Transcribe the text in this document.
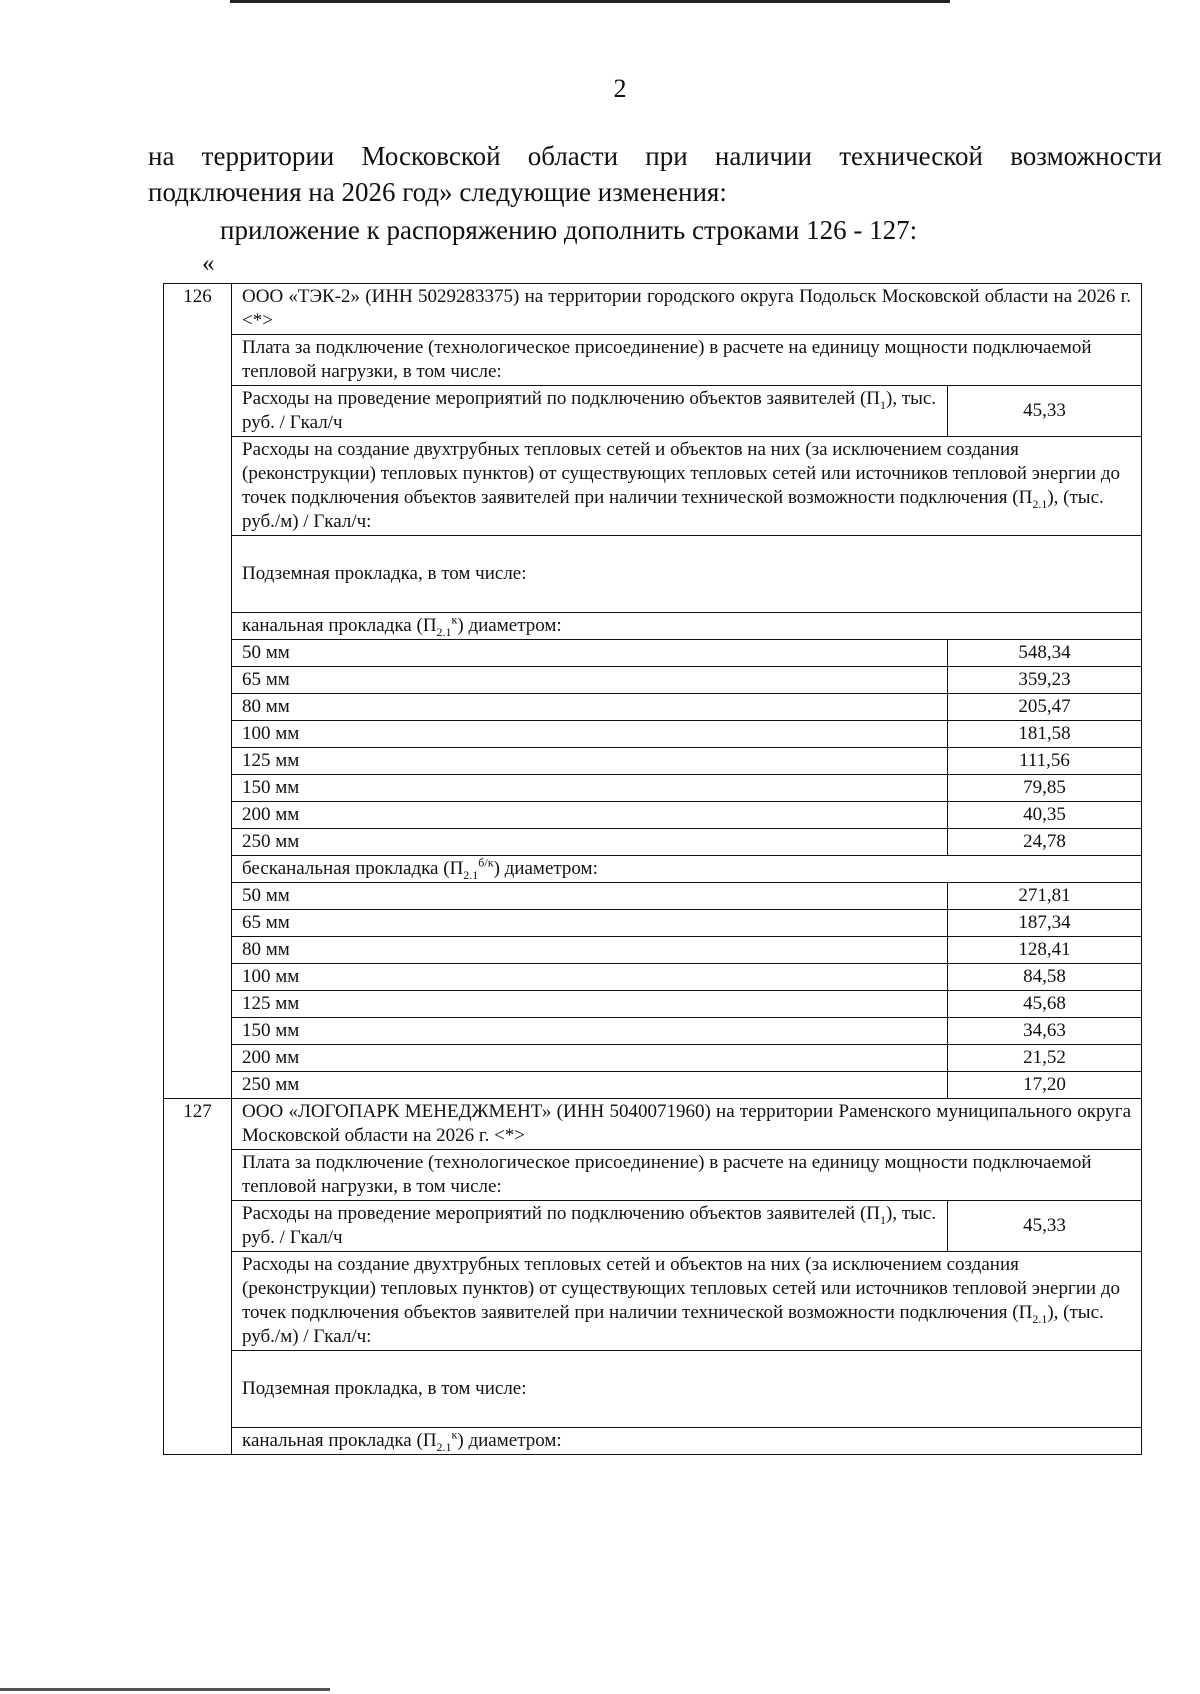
2

на территории Московской области при наличии технической возможности

подключения на 2026 год» следующие изменения:

приложение к распоряжению дополнить строками 126 - 127:

«
126	ООО «ТЭК-2» (ИНН 5029283375) на территории городского округа Подольск Московской области на 2026 г. <*>	
	Плата за подключение (технологическое присоединение) в расчете на единицу мощности подключаемой тепловой нагрузки, в том числе:	
	Расходы на проведение мероприятий по подключению объектов заявителей $(П_1)$, тыс. руб. / Гкал/ч	45,33
	Расходы на создание двухтрубных тепловых сетей и объектов на них (за исключением создания (реконструкции) тепловых пунктов) от существующих тепловых сетей или источников тепловой энергии до точек подключения объектов заявителей при наличии технической возможности подключения $(П_{2.1})$, (тыс. руб./м) / Гкал/ч:	
	Подземная прокладка, в том числе:	
	канальная прокладка $(П_{2.1}^к)$ диаметром:	
	50 мм	548,34
	65 мм	359,23
	80 мм	205,47
	100 мм	181,58
	125 мм	111,56
	150 мм	79,85
	200 мм	40,35
	250 мм	24,78
	бесканальная прокладка $(П_{2.1}^{б/к})$ диаметром:	
	50 мм	271,81
	65 мм	187,34
	80 мм	128,41
	100 мм	84,58
	125 мм	45,68
	150 мм	34,63
	200 мм	21,52
	250 мм	17,20
127	ООО «ЛОГОПАРК МЕНЕДЖМЕНТ» (ИНН 5040071960) на территории Раменского муниципального округа Московской области на 2026 г. <*>	
	Плата за подключение (технологическое присоединение) в расчете на единицу мощности подключаемой тепловой нагрузки, в том числе:	
	Расходы на проведение мероприятий по подключению объектов заявителей $(П_1)$, тыс. руб. / Гкал/ч	45,33
	Расходы на создание двухтрубных тепловых сетей и объектов на них (за исключением создания (реконструкции) тепловых пунктов) от существующих тепловых сетей или источников тепловой энергии до точек подключения объектов заявителей при наличии технической возможности подключения $(П_{2.1})$, (тыс. руб./м) / Гкал/ч:	
	Подземная прокладка, в том числе:	
	канальная прокладка $(П_{2.1}^к)$ диаметром:	
